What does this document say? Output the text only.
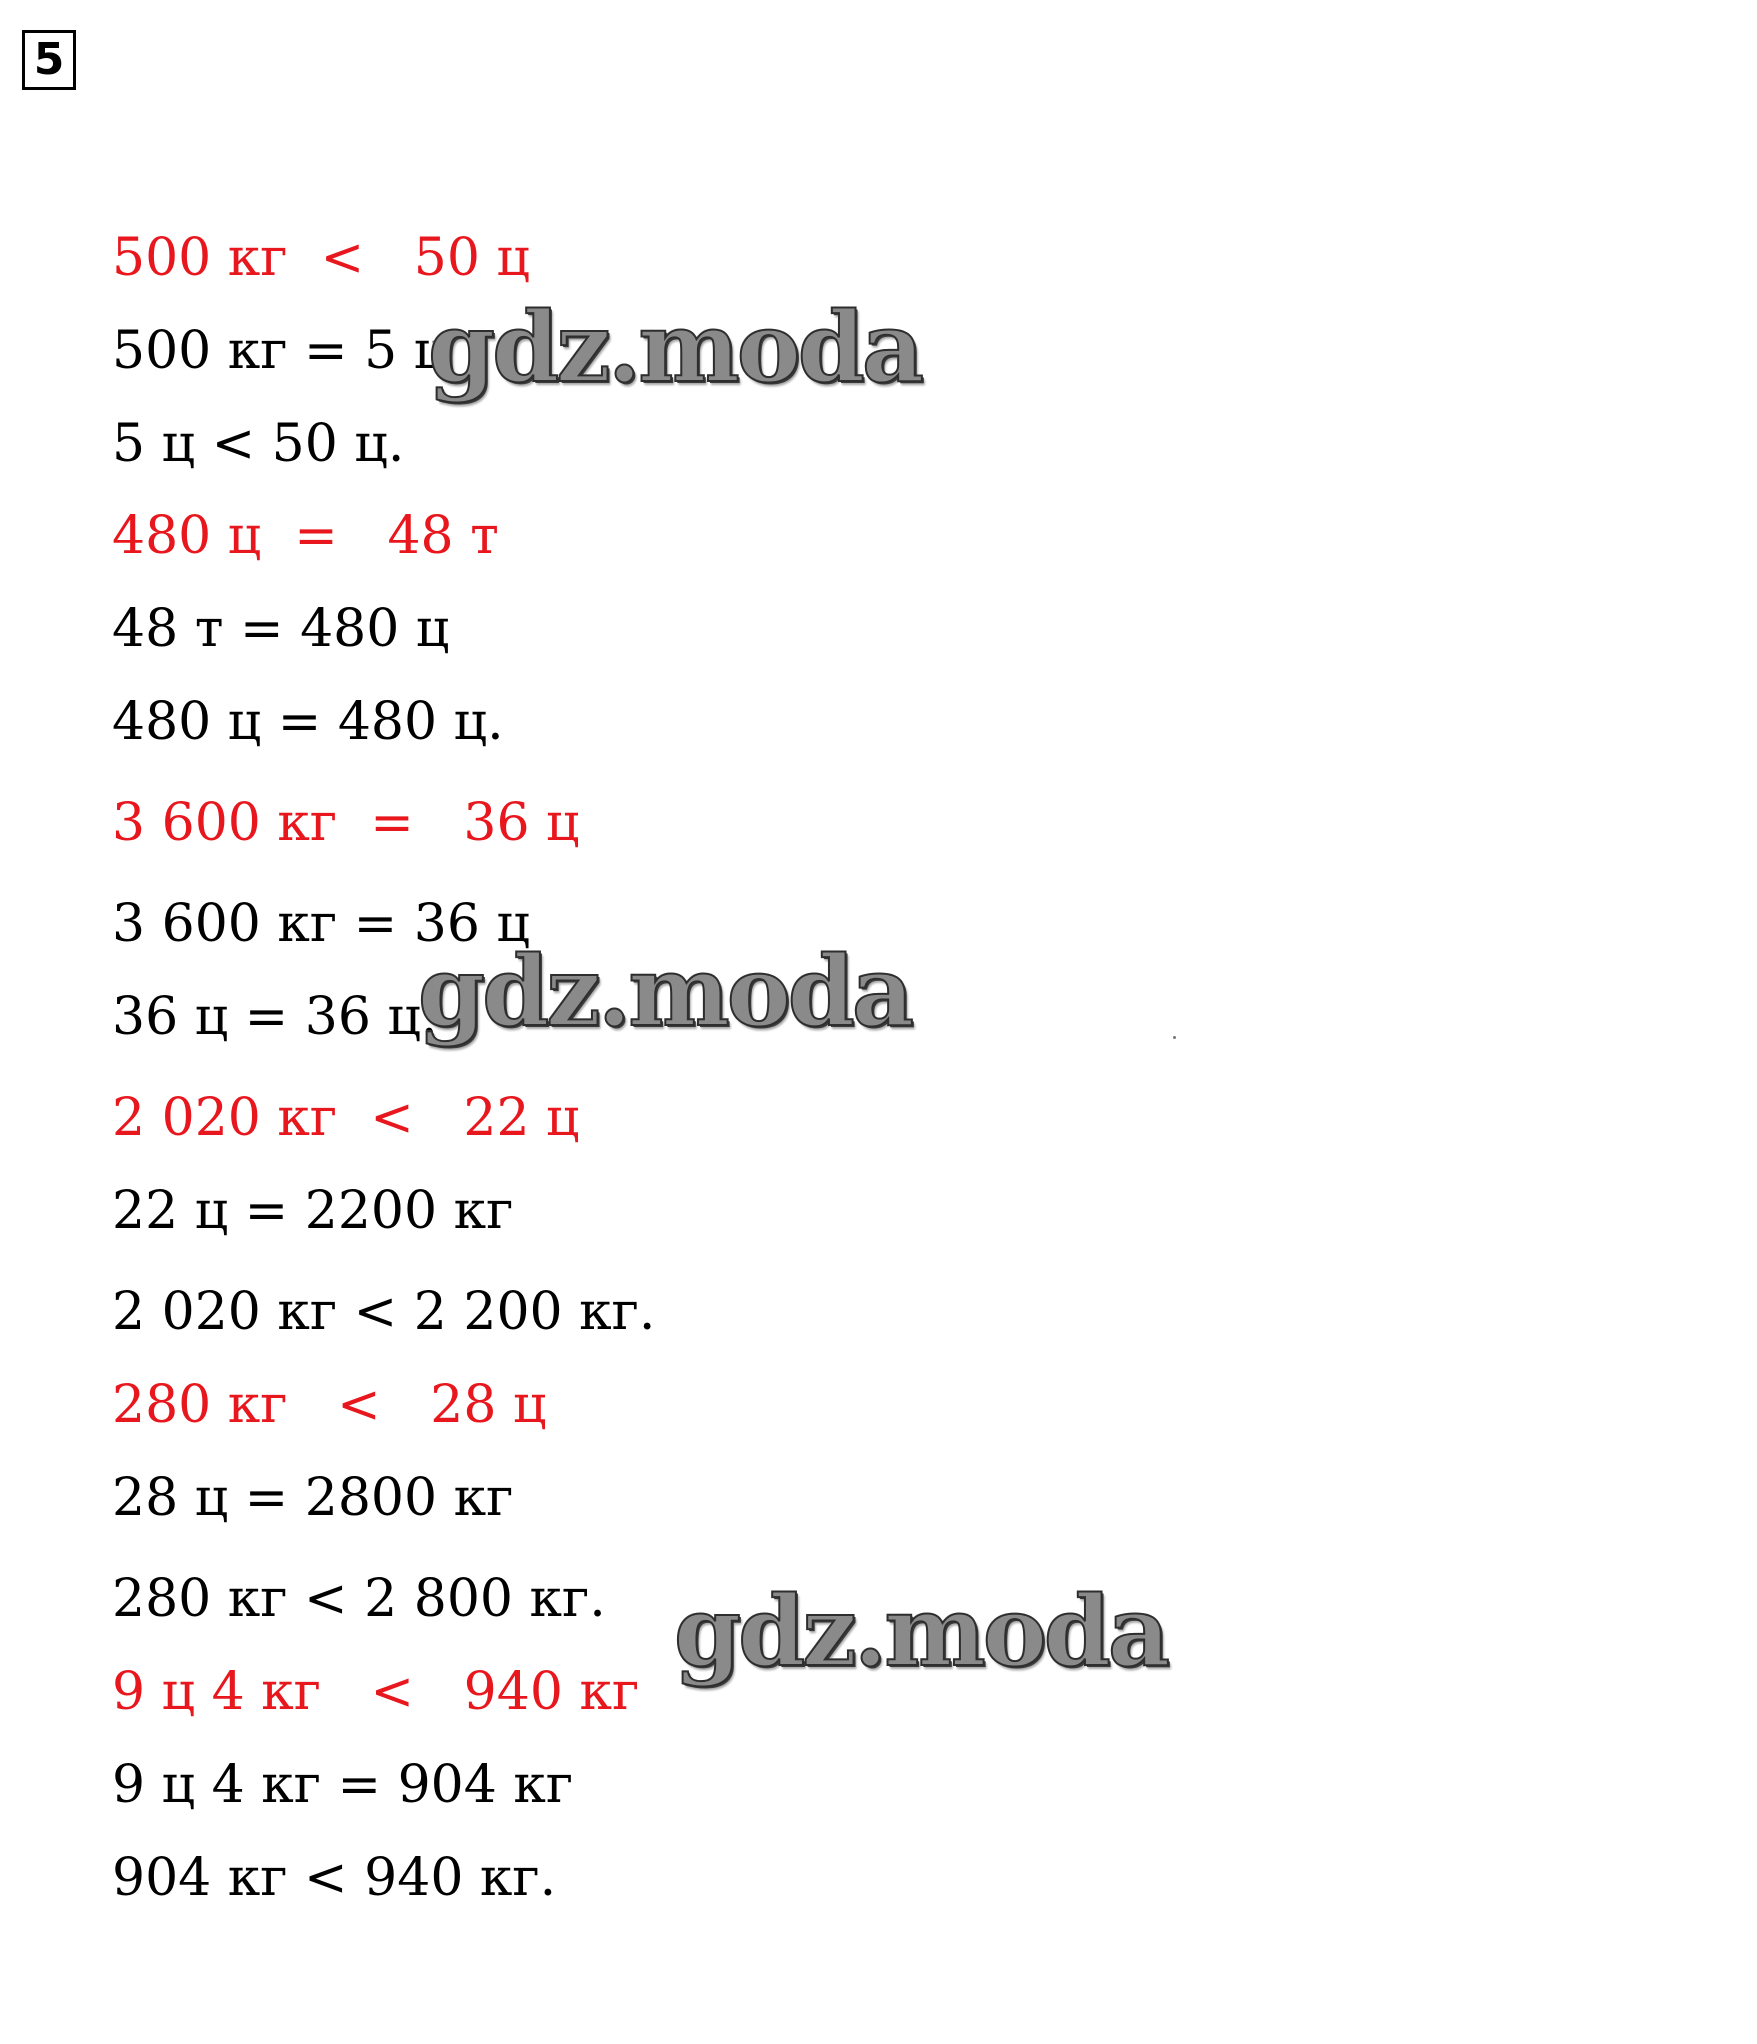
5
500 кг  <   50 ц
500 кг = 5 ц
5 ц < 50 ц.
480 ц  =   48 т
48 т = 480 ц
480 ц = 480 ц.
3 600 кг  =   36 ц
3 600 кг = 36 ц
36 ц = 36 ц.
2 020 кг  <   22 ц
22 ц = 2200 кг
2 020 кг < 2 200 кг.
280 кг   <   28 ц
28 ц = 2800 кг
280 кг < 2 800 кг.
9 ц 4 кг   <   940 кг
9 ц 4 кг = 904 кг
904 кг < 940 кг.
gdz.moda
gdz.moda
gdz.moda
